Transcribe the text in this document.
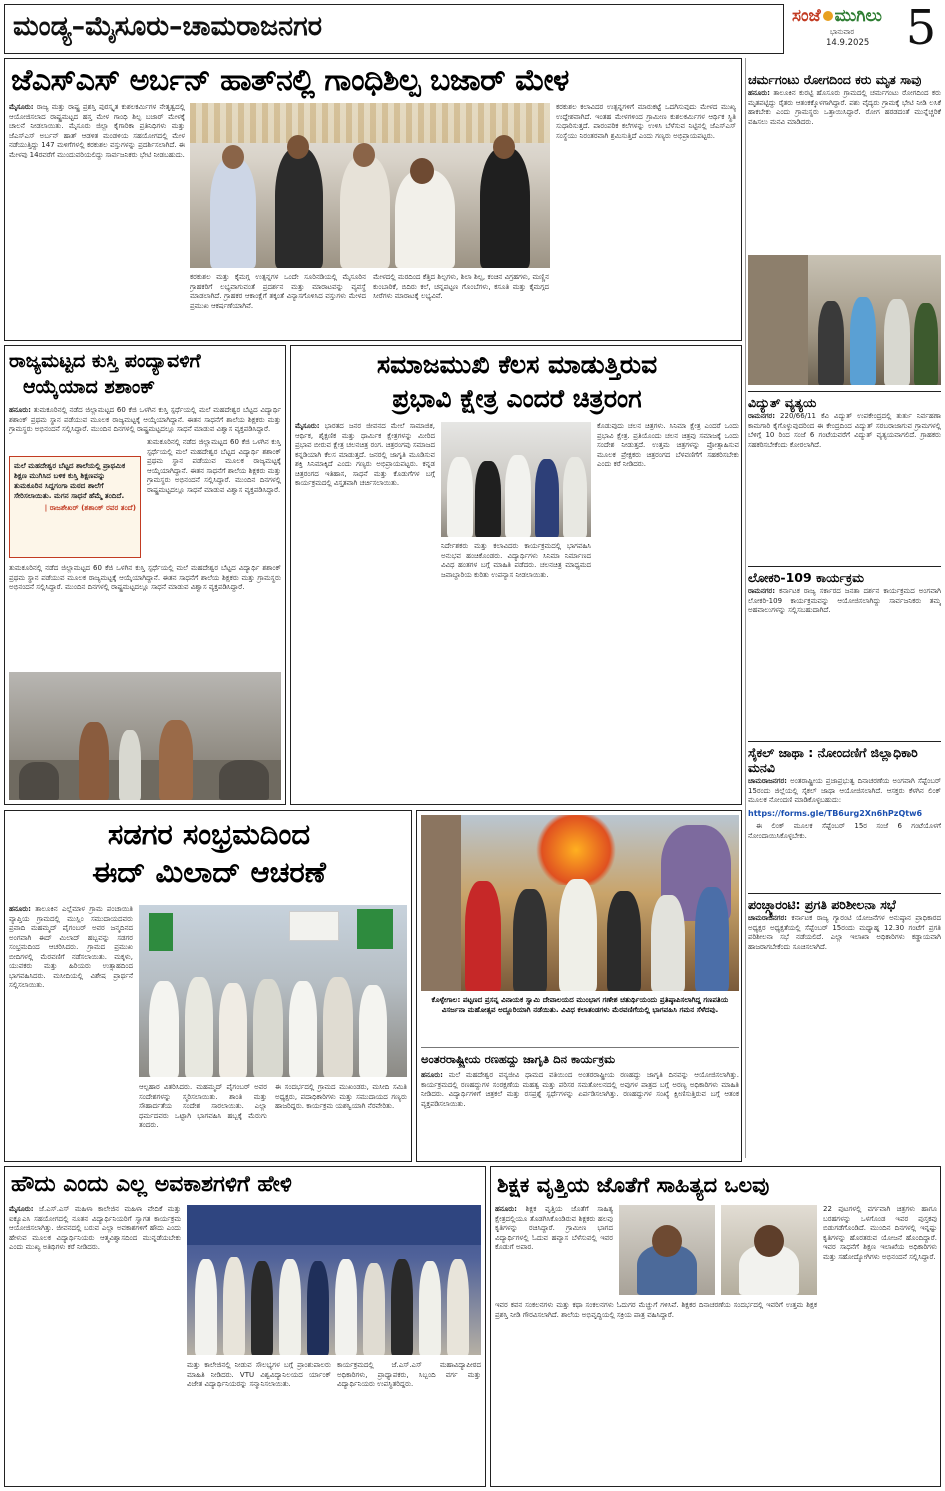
ಮಂಡ್ಯ–ಮೈಸೂರು–ಚಾಮರಾಜನಗರ	ಸಂಜೆ ಮುಗಿಲು
ಭಾನುವಾರ
14.9.2025 5
ಜೆಎಸ್‌ಎಸ್ ಅರ್ಬನ್ ಹಾತ್‌ನಲ್ಲಿ ಗಾಂಧಿಶಿಲ್ಪ ಬಜಾರ್ ಮೇಳ

ಮೈಸೂರು: ರಾಜ್ಯ ಮತ್ತು ರಾಷ್ಟ್ರ ಪ್ರಶಸ್ತಿ ಪುರಸ್ಕೃತ ಕುಶಲಕರ್ಮಿಗಳ ನೇತೃತ್ವದಲ್ಲಿ ಆಯೋಜಿಸಲಾದ ರಾಷ್ಟ್ರಮಟ್ಟದ ಹಸ್ತ ಮೇಳ ಗಾಂಧಿ ಶಿಲ್ಪ ಬಜಾರ್ ಮೇಳಕ್ಕೆ ಚಾಲನೆ ನೀಡಲಾಯಿತು. ಮೈಸೂರು ಜಿಲ್ಲಾ ಕೈಗಾರಿಕಾ ಪ್ರತಿನಿಧಿಗಳು ಮತ್ತು ಜೆಎಸ್‌ಎಸ್ ಅರ್ಬನ್ ಹಾತ್ ಆಡಳಿತ ಮಂಡಳಿಯ ಸಹಯೋಗದಲ್ಲಿ ಮೇಳ ನಡೆಯುತ್ತಿದ್ದು 147 ಮಳಿಗೆಗಳಲ್ಲಿ ಕರಕುಶಲ ವಸ್ತುಗಳನ್ನು ಪ್ರದರ್ಶಿಸಲಾಗಿದೆ. ಈ ಮೇಳವು 14ರವರೆಗೆ ಮುಂದುವರಿಯಲಿದ್ದು ಸಾರ್ವಜನಿಕರು ಭೇಟಿ ನೀಡಬಹುದು.

ಕರಕುಶಲ ಮತ್ತು ಕೈಮಗ್ಗ ಉತ್ಪನ್ನಗಳ ಒಂದೇ ಸೂರಿನಡಿಯಲ್ಲಿ ಮೈಸೂರಿನ ಗ್ರಾಹಕರಿಗೆ ಲಭ್ಯವಾಗುವಂತೆ ಪ್ರದರ್ಶನ ಮತ್ತು ಮಾರಾಟವನ್ನು ವ್ಯವಸ್ಥೆ ಮಾಡಲಾಗಿದೆ. ಗ್ರಾಹಕರ ಆಕಾಂಕ್ಷೆಗೆ ತಕ್ಕಂತೆ ವಿನ್ಯಾಸಗೊಳಿಸಿದ ವಸ್ತುಗಳು ಮೇಳದ ಪ್ರಮುಖ ಆಕರ್ಷಣೆಯಾಗಿವೆ.

ಮೇಳದಲ್ಲಿ ಮರದಿಂದ ಕೆತ್ತಿದ ಶಿಲ್ಪಗಳು, ಶಿಲಾ ಶಿಲ್ಪ, ಕಂಚಿನ ವಿಗ್ರಹಗಳು, ಮಣ್ಣಿನ ಕುಂಬಾರಿಕೆ, ಬಿದಿರು ಕಲೆ, ಚನ್ನಪಟ್ಟಣ ಗೊಂಬೆಗಳು, ಕಸೂತಿ ಮತ್ತು ಕೈಮಗ್ಗದ ಸೀರೆಗಳು ಮಾರಾಟಕ್ಕೆ ಲಭ್ಯವಿವೆ.

ಕರಕುಶಲ ಕಲಾವಿದರ ಉತ್ಪನ್ನಗಳಿಗೆ ಮಾರುಕಟ್ಟೆ ಒದಗಿಸುವುದು ಮೇಳದ ಮುಖ್ಯ ಉದ್ದೇಶವಾಗಿದೆ. ಇಂತಹ ಮೇಳಗಳಿಂದ ಗ್ರಾಮೀಣ ಕುಶಲಕರ್ಮಿಗಳ ಆರ್ಥಿಕ ಸ್ಥಿತಿ ಸುಧಾರಿಸುತ್ತದೆ. ಪಾರಂಪರಿಕ ಕಲೆಗಳನ್ನು ಉಳಿಸಿ ಬೆಳೆಸುವ ನಿಟ್ಟಿನಲ್ಲಿ ಜೆಎಸ್‌ಎಸ್ ಸಂಸ್ಥೆಯು ನಿರಂತರವಾಗಿ ಶ್ರಮಿಸುತ್ತಿದೆ ಎಂದು ಗಣ್ಯರು ಅಭಿಪ್ರಾಯಪಟ್ಟರು.

ಚರ್ಮಗಂಟು ರೋಗದಿಂದ ಕರು ಮೃತ ಸಾವು

ಹನೂರು: ತಾಲೂಕಿನ ಕುರಟ್ಟಿ ಹೊಸೂರು ಗ್ರಾಮದಲ್ಲಿ ಚರ್ಮಗಂಟು ರೋಗದಿಂದ ಕರು ಮೃತಪಟ್ಟಿದ್ದು ರೈತರು ಆತಂಕಕ್ಕೊಳಗಾಗಿದ್ದಾರೆ. ಪಶು ವೈದ್ಯರು ಗ್ರಾಮಕ್ಕೆ ಭೇಟಿ ನೀಡಿ ಲಸಿಕೆ ಹಾಕಬೇಕು ಎಂದು ಗ್ರಾಮಸ್ಥರು ಒತ್ತಾಯಿಸಿದ್ದಾರೆ. ರೋಗ ಹರಡದಂತೆ ಮುನ್ನೆಚ್ಚರಿಕೆ ವಹಿಸಲು ಮನವಿ ಮಾಡಿದರು.

ವಿದ್ಯುತ್ ವ್ಯತ್ಯಯ

ರಾಮನಗರ: 220/66/11 ಕೆವಿ ವಿದ್ಯುತ್ ಉಪಕೇಂದ್ರದಲ್ಲಿ ತುರ್ತು ನಿರ್ವಹಣಾ ಕಾಮಗಾರಿ ಕೈಗೊಳ್ಳುವುದರಿಂದ ಈ ಕೇಂದ್ರದಿಂದ ವಿದ್ಯುತ್ ಸರಬರಾಜಾಗುವ ಗ್ರಾಮಗಳಲ್ಲಿ ಬೆಳಿಗ್ಗೆ 10 ರಿಂದ ಸಂಜೆ 6 ಗಂಟೆಯವರೆಗೆ ವಿದ್ಯುತ್ ವ್ಯತ್ಯಯವಾಗಲಿದೆ. ಗ್ರಾಹಕರು ಸಹಕರಿಸಬೇಕೆಂದು ಕೋರಲಾಗಿದೆ.

ಲೋಕರಿ-109 ಕಾರ್ಯಕ್ರಮ

ರಾಮನಗರ: ಕರ್ನಾಟಕ ರಾಜ್ಯ ಸರ್ಕಾರದ ಜನತಾ ದರ್ಶನ ಕಾರ್ಯಕ್ರಮದ ಅಂಗವಾಗಿ ಲೋಕರಿ-109 ಕಾರ್ಯಕ್ರಮವನ್ನು ಆಯೋಜಿಸಲಾಗಿದ್ದು ಸಾರ್ವಜನಿಕರು ತಮ್ಮ ಅಹವಾಲುಗಳನ್ನು ಸಲ್ಲಿಸಬಹುದಾಗಿದೆ.

ಸೈಕಲ್ ಜಾಥಾ : ನೋಂದಣಿಗೆ ಜಿಲ್ಲಾಧಿಕಾರಿ ಮನವಿ

ಚಾಮರಾಜನಗರ: ಅಂತರಾಷ್ಟ್ರೀಯ ಪ್ರಜಾಪ್ರಭುತ್ವ ದಿನಾಚರಣೆಯ ಅಂಗವಾಗಿ ಸೆಪ್ಟೆಂಬರ್ 15ರಂದು ಜಿಲ್ಲೆಯಲ್ಲಿ ಸೈಕಲ್ ಜಾಥಾ ಆಯೋಜಿಸಲಾಗಿದೆ. ಆಸಕ್ತರು ಕೆಳಗಿನ ಲಿಂಕ್ ಮೂಲಕ ನೋಂದಣಿ ಮಾಡಿಕೊಳ್ಳಬಹುದು:

https://forms.gle/TB6urg2Xn6hPzQtw6

ಈ ಲಿಂಕ್ ಮೂಲಕ ಸೆಪ್ಟೆಂಬರ್ 15ರ ಸಂಜೆ 6 ಗಂಟೆಯೊಳಗೆ ನೋಂದಾಯಿಸಿಕೊಳ್ಳಬೇಕು.

ಪಂಚ್ಗ್ಯಾರಂಟಿ: ಪ್ರಗತಿ ಪರಿಶೀಲನಾ ಸಭೆ

ಚಾಮರಾಜನಗರ: ಕರ್ನಾಟಕ ರಾಜ್ಯ ಗ್ಯಾರಂಟಿ ಯೋಜನೆಗಳ ಅನುಷ್ಠಾನ ಪ್ರಾಧಿಕಾರದ ಅಧ್ಯಕ್ಷರ ಅಧ್ಯಕ್ಷತೆಯಲ್ಲಿ ಸೆಪ್ಟೆಂಬರ್ 15ರಂದು ಮಧ್ಯಾಹ್ನ 12.30 ಗಂಟೆಗೆ ಪ್ರಗತಿ ಪರಿಶೀಲನಾ ಸಭೆ ನಡೆಯಲಿದೆ. ಎಲ್ಲಾ ಇಲಾಖಾ ಅಧಿಕಾರಿಗಳು ಕಡ್ಡಾಯವಾಗಿ ಹಾಜರಾಗಬೇಕೆಂದು ಸೂಚಿಸಲಾಗಿದೆ.

ರಾಜ್ಯಮಟ್ಟದ ಕುಸ್ತಿ ಪಂದ್ಯಾವಳಿಗೆ
ಆಯ್ಕೆಯಾದ ಶಶಾಂಕ್

ಹನೂರು: ತುಮಕೂರಿನಲ್ಲಿ ನಡೆದ ಜಿಲ್ಲಾಮಟ್ಟದ 60 ಕೆಜಿ ಒಳಗಿನ ಕುಸ್ತಿ ಸ್ಪರ್ಧೆಯಲ್ಲಿ ಮಲೆ ಮಹದೇಶ್ವರ ಬೆಟ್ಟದ ವಿದ್ಯಾರ್ಥಿ ಶಶಾಂಕ್ ಪ್ರಥಮ ಸ್ಥಾನ ಪಡೆಯುವ ಮೂಲಕ ರಾಜ್ಯಮಟ್ಟಕ್ಕೆ ಆಯ್ಕೆಯಾಗಿದ್ದಾನೆ. ಈತನ ಸಾಧನೆಗೆ ಶಾಲೆಯ ಶಿಕ್ಷಕರು ಮತ್ತು ಗ್ರಾಮಸ್ಥರು ಅಭಿನಂದನೆ ಸಲ್ಲಿಸಿದ್ದಾರೆ. ಮುಂದಿನ ದಿನಗಳಲ್ಲಿ ರಾಷ್ಟ್ರಮಟ್ಟದಲ್ಲೂ ಸಾಧನೆ ಮಾಡುವ ವಿಶ್ವಾಸ ವ್ಯಕ್ತಪಡಿಸಿದ್ದಾರೆ.

ಮಲೆ ಮಹದೇಶ್ವರ ಬೆಟ್ಟದ ಶಾಲೆಯಲ್ಲಿ ಪ್ರಾಥಮಿಕ ಶಿಕ್ಷಣ ಮುಗಿಸಿದ ಬಳಿಕ ಕುಸ್ತಿ ಶಿಕ್ಷಣವನ್ನು ತುಮಕೂರಿನ ಸಿದ್ದಗಂಗಾ ಮಠದ ಶಾಲೆಗೆ ಸೇರಿಸಲಾಯಿತು. ಮಗನ ಸಾಧನೆ ಹೆಮ್ಮೆ ತಂದಿದೆ.
| ರಾಜಶೇಖರ್ (ಶಶಾಂಕ್ ರವರ ತಂದೆ)

ತುಮಕೂರಿನಲ್ಲಿ ನಡೆದ ಜಿಲ್ಲಾಮಟ್ಟದ 60 ಕೆಜಿ ಒಳಗಿನ ಕುಸ್ತಿ ಸ್ಪರ್ಧೆಯಲ್ಲಿ ಮಲೆ ಮಹದೇಶ್ವರ ಬೆಟ್ಟದ ವಿದ್ಯಾರ್ಥಿ ಶಶಾಂಕ್ ಪ್ರಥಮ ಸ್ಥಾನ ಪಡೆಯುವ ಮೂಲಕ ರಾಜ್ಯಮಟ್ಟಕ್ಕೆ ಆಯ್ಕೆಯಾಗಿದ್ದಾನೆ. ಈತನ ಸಾಧನೆಗೆ ಶಾಲೆಯ ಶಿಕ್ಷಕರು ಮತ್ತು ಗ್ರಾಮಸ್ಥರು ಅಭಿನಂದನೆ ಸಲ್ಲಿಸಿದ್ದಾರೆ. ಮುಂದಿನ ದಿನಗಳಲ್ಲಿ ರಾಷ್ಟ್ರಮಟ್ಟದಲ್ಲೂ ಸಾಧನೆ ಮಾಡುವ ವಿಶ್ವಾಸ ವ್ಯಕ್ತಪಡಿಸಿದ್ದಾರೆ.

ತುಮಕೂರಿನಲ್ಲಿ ನಡೆದ ಜಿಲ್ಲಾಮಟ್ಟದ 60 ಕೆಜಿ ಒಳಗಿನ ಕುಸ್ತಿ ಸ್ಪರ್ಧೆಯಲ್ಲಿ ಮಲೆ ಮಹದೇಶ್ವರ ಬೆಟ್ಟದ ವಿದ್ಯಾರ್ಥಿ ಶಶಾಂಕ್ ಪ್ರಥಮ ಸ್ಥಾನ ಪಡೆಯುವ ಮೂಲಕ ರಾಜ್ಯಮಟ್ಟಕ್ಕೆ ಆಯ್ಕೆಯಾಗಿದ್ದಾನೆ. ಈತನ ಸಾಧನೆಗೆ ಶಾಲೆಯ ಶಿಕ್ಷಕರು ಮತ್ತು ಗ್ರಾಮಸ್ಥರು ಅಭಿನಂದನೆ ಸಲ್ಲಿಸಿದ್ದಾರೆ. ಮುಂದಿನ ದಿನಗಳಲ್ಲಿ ರಾಷ್ಟ್ರಮಟ್ಟದಲ್ಲೂ ಸಾಧನೆ ಮಾಡುವ ವಿಶ್ವಾಸ ವ್ಯಕ್ತಪಡಿಸಿದ್ದಾರೆ.

ಸಮಾಜಮುಖಿ ಕೆಲಸ ಮಾಡುತ್ತಿರುವ
ಪ್ರಭಾವಿ ಕ್ಷೇತ್ರ ಎಂದರೆ ಚಿತ್ರರಂಗ

ಮೈಸೂರು: ಭಾರತದ ಜನರ ಜೀವನದ ಮೇಲೆ ಸಾಮಾಜಿಕ, ಆರ್ಥಿಕ, ಶೈಕ್ಷಣಿಕ ಮತ್ತು ಧಾರ್ಮಿಕ ಕ್ಷೇತ್ರಗಳನ್ನು ಮೀರಿದ ಪ್ರಭಾವ ಬೀರುವ ಕ್ಷೇತ್ರ ಚಲನಚಿತ್ರ ರಂಗ. ಚಿತ್ರರಂಗವು ಸಮಾಜದ ಕನ್ನಡಿಯಾಗಿ ಕೆಲಸ ಮಾಡುತ್ತದೆ. ಜನರಲ್ಲಿ ಜಾಗೃತಿ ಮೂಡಿಸುವ ಶಕ್ತಿ ಸಿನಿಮಾಕ್ಕಿದೆ ಎಂದು ಗಣ್ಯರು ಅಭಿಪ್ರಾಯಪಟ್ಟರು. ಕನ್ನಡ ಚಿತ್ರರಂಗದ ಇತಿಹಾಸ, ಸಾಧನೆ ಮತ್ತು ಕೊಡುಗೆಗಳ ಬಗ್ಗೆ ಕಾರ್ಯಕ್ರಮದಲ್ಲಿ ವಿಸ್ತೃತವಾಗಿ ಚರ್ಚಿಸಲಾಯಿತು.

ನಿರ್ದೇಶಕರು ಮತ್ತು ಕಲಾವಿದರು ಕಾರ್ಯಕ್ರಮದಲ್ಲಿ ಭಾಗವಹಿಸಿ ಅನುಭವ ಹಂಚಿಕೊಂಡರು. ವಿದ್ಯಾರ್ಥಿಗಳು ಸಿನಿಮಾ ನಿರ್ಮಾಣದ ವಿವಿಧ ಹಂತಗಳ ಬಗ್ಗೆ ಮಾಹಿತಿ ಪಡೆದರು. ಚಲನಚಿತ್ರ ಮಾಧ್ಯಮದ ಜವಾಬ್ದಾರಿಯ ಕುರಿತು ಉಪನ್ಯಾಸ ನೀಡಲಾಯಿತು.

ಕೊಡುವುದು ಚಲನ ಚಿತ್ರಗಳು. ಸಿನಿಮಾ ಕ್ಷೇತ್ರ ಎಂದರೆ ಒಂದು ಪ್ರಭಾವಿ ಕ್ಷೇತ್ರ. ಪ್ರತಿಯೊಂದು ಚಲನ ಚಿತ್ರವು ಸಮಾಜಕ್ಕೆ ಒಂದು ಸಂದೇಶ ನೀಡುತ್ತದೆ. ಉತ್ತಮ ಚಿತ್ರಗಳನ್ನು ಪ್ರೋತ್ಸಾಹಿಸುವ ಮೂಲಕ ಪ್ರೇಕ್ಷಕರು ಚಿತ್ರರಂಗದ ಬೆಳವಣಿಗೆಗೆ ಸಹಕರಿಸಬೇಕು ಎಂದು ಕರೆ ನೀಡಿದರು.

ಸಡಗರ ಸಂಭ್ರಮದಿಂದ
ಈದ್ ಮಿಲಾದ್ ಆಚರಣೆ

ಹನೂರು: ತಾಲೂಕಿನ ಎಲ್ಲೆಮಾಳ ಗ್ರಾಮ ಪಂಚಾಯಿತಿ ವ್ಯಾಪ್ತಿಯ ಗ್ರಾಮದಲ್ಲಿ ಮುಸ್ಲಿಂ ಸಮುದಾಯದವರು ಪ್ರವಾದಿ ಮಹಮ್ಮದ್ ಪೈಗಂಬರ್ ಅವರ ಜನ್ಮದಿನದ ಅಂಗವಾಗಿ ಈದ್ ಮಿಲಾದ್ ಹಬ್ಬವನ್ನು ಸಡಗರ ಸಂಭ್ರಮದಿಂದ ಆಚರಿಸಿದರು. ಗ್ರಾಮದ ಪ್ರಮುಖ ಬೀದಿಗಳಲ್ಲಿ ಮೆರವಣಿಗೆ ನಡೆಸಲಾಯಿತು. ಮಕ್ಕಳು, ಯುವಕರು ಮತ್ತು ಹಿರಿಯರು ಉತ್ಸಾಹದಿಂದ ಭಾಗವಹಿಸಿದರು. ಮಸೀದಿಯಲ್ಲಿ ವಿಶೇಷ ಪ್ರಾರ್ಥನೆ ಸಲ್ಲಿಸಲಾಯಿತು.

ಆಲ್ಪಹಾರ ವಿತರಿಸಿದರು. ಮಹಮ್ಮದ್ ಪೈಗಂಬರ್ ಅವರ ಸಂದೇಶಗಳನ್ನು ಸ್ಮರಿಸಲಾಯಿತು. ಶಾಂತಿ ಮತ್ತು ಸೌಹಾರ್ದತೆಯ ಸಂದೇಶ ಸಾರಲಾಯಿತು. ಎಲ್ಲಾ ಧರ್ಮದವರು ಒಟ್ಟಾಗಿ ಭಾಗವಹಿಸಿ ಹಬ್ಬಕ್ಕೆ ಮೆರುಗು ತಂದರು.

ಈ ಸಂದರ್ಭದಲ್ಲಿ ಗ್ರಾಮದ ಮುಖಂಡರು, ಮಸೀದಿ ಸಮಿತಿ ಅಧ್ಯಕ್ಷರು, ಪದಾಧಿಕಾರಿಗಳು ಮತ್ತು ಸಮುದಾಯದ ಗಣ್ಯರು ಹಾಜರಿದ್ದರು. ಕಾರ್ಯಕ್ರಮ ಯಶಸ್ವಿಯಾಗಿ ನೆರವೇರಿತು.

ಕೊಳ್ಳೇಗಾಲ: ಪಟ್ಟಣದ ಪ್ರಸನ್ನ ವಿನಾಯಕ ಸ್ವಾಮಿ ದೇವಾಲಯದ ಮುಂಭಾಗ ಗಣೇಶ ಚತುರ್ಥಿಯಂದು ಪ್ರತಿಷ್ಠಾಪಿಸಲಾಗಿದ್ದ ಗಣಪತಿಯ ವಿಸರ್ಜನಾ ಮಹೋತ್ಸವ ಅದ್ದೂರಿಯಾಗಿ ನಡೆಯಿತು. ವಿವಿಧ ಕಲಾತಂಡಗಳು ಮೆರವಣಿಗೆಯಲ್ಲಿ ಭಾಗವಹಿಸಿ ಗಮನ ಸೆಳೆದವು.
ಅಂತರರಾಷ್ಟ್ರೀಯ ರಣಹದ್ದು ಜಾಗೃತಿ ದಿನ ಕಾರ್ಯಕ್ರಮ

ಹನೂರು: ಮಲೆ ಮಹದೇಶ್ವರ ವನ್ಯಜೀವಿ ಧಾಮದ ವತಿಯಿಂದ ಅಂತರರಾಷ್ಟ್ರೀಯ ರಣಹದ್ದು ಜಾಗೃತಿ ದಿನವನ್ನು ಆಯೋಜಿಸಲಾಗಿತ್ತು. ಕಾರ್ಯಕ್ರಮದಲ್ಲಿ ರಣಹದ್ದುಗಳ ಸಂರಕ್ಷಣೆಯ ಮಹತ್ವ ಮತ್ತು ಪರಿಸರ ಸಮತೋಲನದಲ್ಲಿ ಅವುಗಳ ಪಾತ್ರದ ಬಗ್ಗೆ ಅರಣ್ಯ ಅಧಿಕಾರಿಗಳು ಮಾಹಿತಿ ನೀಡಿದರು. ವಿದ್ಯಾರ್ಥಿಗಳಿಗೆ ಚಿತ್ರಕಲೆ ಮತ್ತು ರಸಪ್ರಶ್ನೆ ಸ್ಪರ್ಧೆಗಳನ್ನು ಏರ್ಪಡಿಸಲಾಗಿತ್ತು. ರಣಹದ್ದುಗಳ ಸಂಖ್ಯೆ ಕ್ಷೀಣಿಸುತ್ತಿರುವ ಬಗ್ಗೆ ಆತಂಕ ವ್ಯಕ್ತಪಡಿಸಲಾಯಿತು.

ಹೌದು ಎಂದು ಎಲ್ಲ ಅವಕಾಶಗಳಿಗೆ ಹೇಳಿ

ಮೈಸೂರು: ಜೆ.ಎಸ್.ಎಸ್ ಮಹಿಳಾ ಕಾಲೇಜಿನ ಮಹಿಳಾ ವೇದಿಕೆ ಮತ್ತು ಐಕ್ಯೂಎಸಿ ಸಹಯೋಗದಲ್ಲಿ ನೂತನ ವಿದ್ಯಾರ್ಥಿನಿಯರಿಗೆ ಸ್ವಾಗತ ಕಾರ್ಯಕ್ರಮ ಆಯೋಜಿಸಲಾಗಿತ್ತು. ಜೀವನದಲ್ಲಿ ಬರುವ ಎಲ್ಲಾ ಅವಕಾಶಗಳಿಗೆ ಹೌದು ಎಂದು ಹೇಳುವ ಮೂಲಕ ವಿದ್ಯಾರ್ಥಿನಿಯರು ಆತ್ಮವಿಶ್ವಾಸದಿಂದ ಮುನ್ನಡೆಯಬೇಕು ಎಂದು ಮುಖ್ಯ ಅತಿಥಿಗಳು ಕರೆ ನೀಡಿದರು.

ಮತ್ತು ಕಾಲೇಜಿನಲ್ಲಿ ನೀಡುವ ಸೌಲಭ್ಯಗಳ ಬಗ್ಗೆ ಪ್ರಾಂಶುಪಾಲರು ಮಾಹಿತಿ ನೀಡಿದರು. VTU ವಿಶ್ವವಿದ್ಯಾನಿಲಯದ ರ್ಯಾಂಕ್ ವಿಜೇತ ವಿದ್ಯಾರ್ಥಿನಿಯರನ್ನು ಸನ್ಮಾನಿಸಲಾಯಿತು.

ಕಾರ್ಯಕ್ರಮದಲ್ಲಿ ಜೆ.ಎಸ್.ಎಸ್ ಮಹಾವಿದ್ಯಾಪೀಠದ ಅಧಿಕಾರಿಗಳು, ಪ್ರಾಧ್ಯಾಪಕರು, ಸಿಬ್ಬಂದಿ ವರ್ಗ ಮತ್ತು ವಿದ್ಯಾರ್ಥಿನಿಯರು ಉಪಸ್ಥಿತರಿದ್ದರು.

ಶಿಕ್ಷಕ ವೃತ್ತಿಯ ಜೊತೆಗೆ ಸಾಹಿತ್ಯದ ಒಲವು

ಹನೂರು: ಶಿಕ್ಷಕ ವೃತ್ತಿಯ ಜೊತೆಗೆ ಸಾಹಿತ್ಯ ಕ್ಷೇತ್ರದಲ್ಲಿಯೂ ತೊಡಗಿಸಿಕೊಂಡಿರುವ ಶಿಕ್ಷಕರು ಹಲವು ಕೃತಿಗಳನ್ನು ರಚಿಸಿದ್ದಾರೆ. ಗ್ರಾಮೀಣ ಭಾಗದ ವಿದ್ಯಾರ್ಥಿಗಳಲ್ಲಿ ಓದುವ ಹವ್ಯಾಸ ಬೆಳೆಸುವಲ್ಲಿ ಇವರ ಕೊಡುಗೆ ಅಪಾರ.

ಇವರ ಕವನ ಸಂಕಲನಗಳು ಮತ್ತು ಕಥಾ ಸಂಕಲನಗಳು ಓದುಗರ ಮೆಚ್ಚುಗೆ ಗಳಿಸಿವೆ. ಶಿಕ್ಷಕರ ದಿನಾಚರಣೆಯ ಸಂದರ್ಭದಲ್ಲಿ ಇವರಿಗೆ ಉತ್ತಮ ಶಿಕ್ಷಕ ಪ್ರಶಸ್ತಿ ನೀಡಿ ಗೌರವಿಸಲಾಗಿದೆ. ಶಾಲೆಯ ಅಭಿವೃದ್ಧಿಯಲ್ಲಿ ಸಕ್ರಿಯ ಪಾತ್ರ ವಹಿಸಿದ್ದಾರೆ.

22 ಪುಟಗಳಲ್ಲಿ ವರ್ಗವಾಗಿ ಚಿತ್ರಗಳು ಹಾಗೂ ಬರಹಗಳನ್ನು ಒಳಗೊಂಡ ಇವರ ಪುಸ್ತಕವು ಬಿಡುಗಡೆಗೊಂಡಿದೆ. ಮುಂದಿನ ದಿನಗಳಲ್ಲಿ ಇನ್ನಷ್ಟು ಕೃತಿಗಳನ್ನು ಹೊರತರುವ ಯೋಜನೆ ಹೊಂದಿದ್ದಾರೆ. ಇವರ ಸಾಧನೆಗೆ ಶಿಕ್ಷಣ ಇಲಾಖೆಯ ಅಧಿಕಾರಿಗಳು ಮತ್ತು ಸಹೋದ್ಯೋಗಿಗಳು ಅಭಿನಂದನೆ ಸಲ್ಲಿಸಿದ್ದಾರೆ.
